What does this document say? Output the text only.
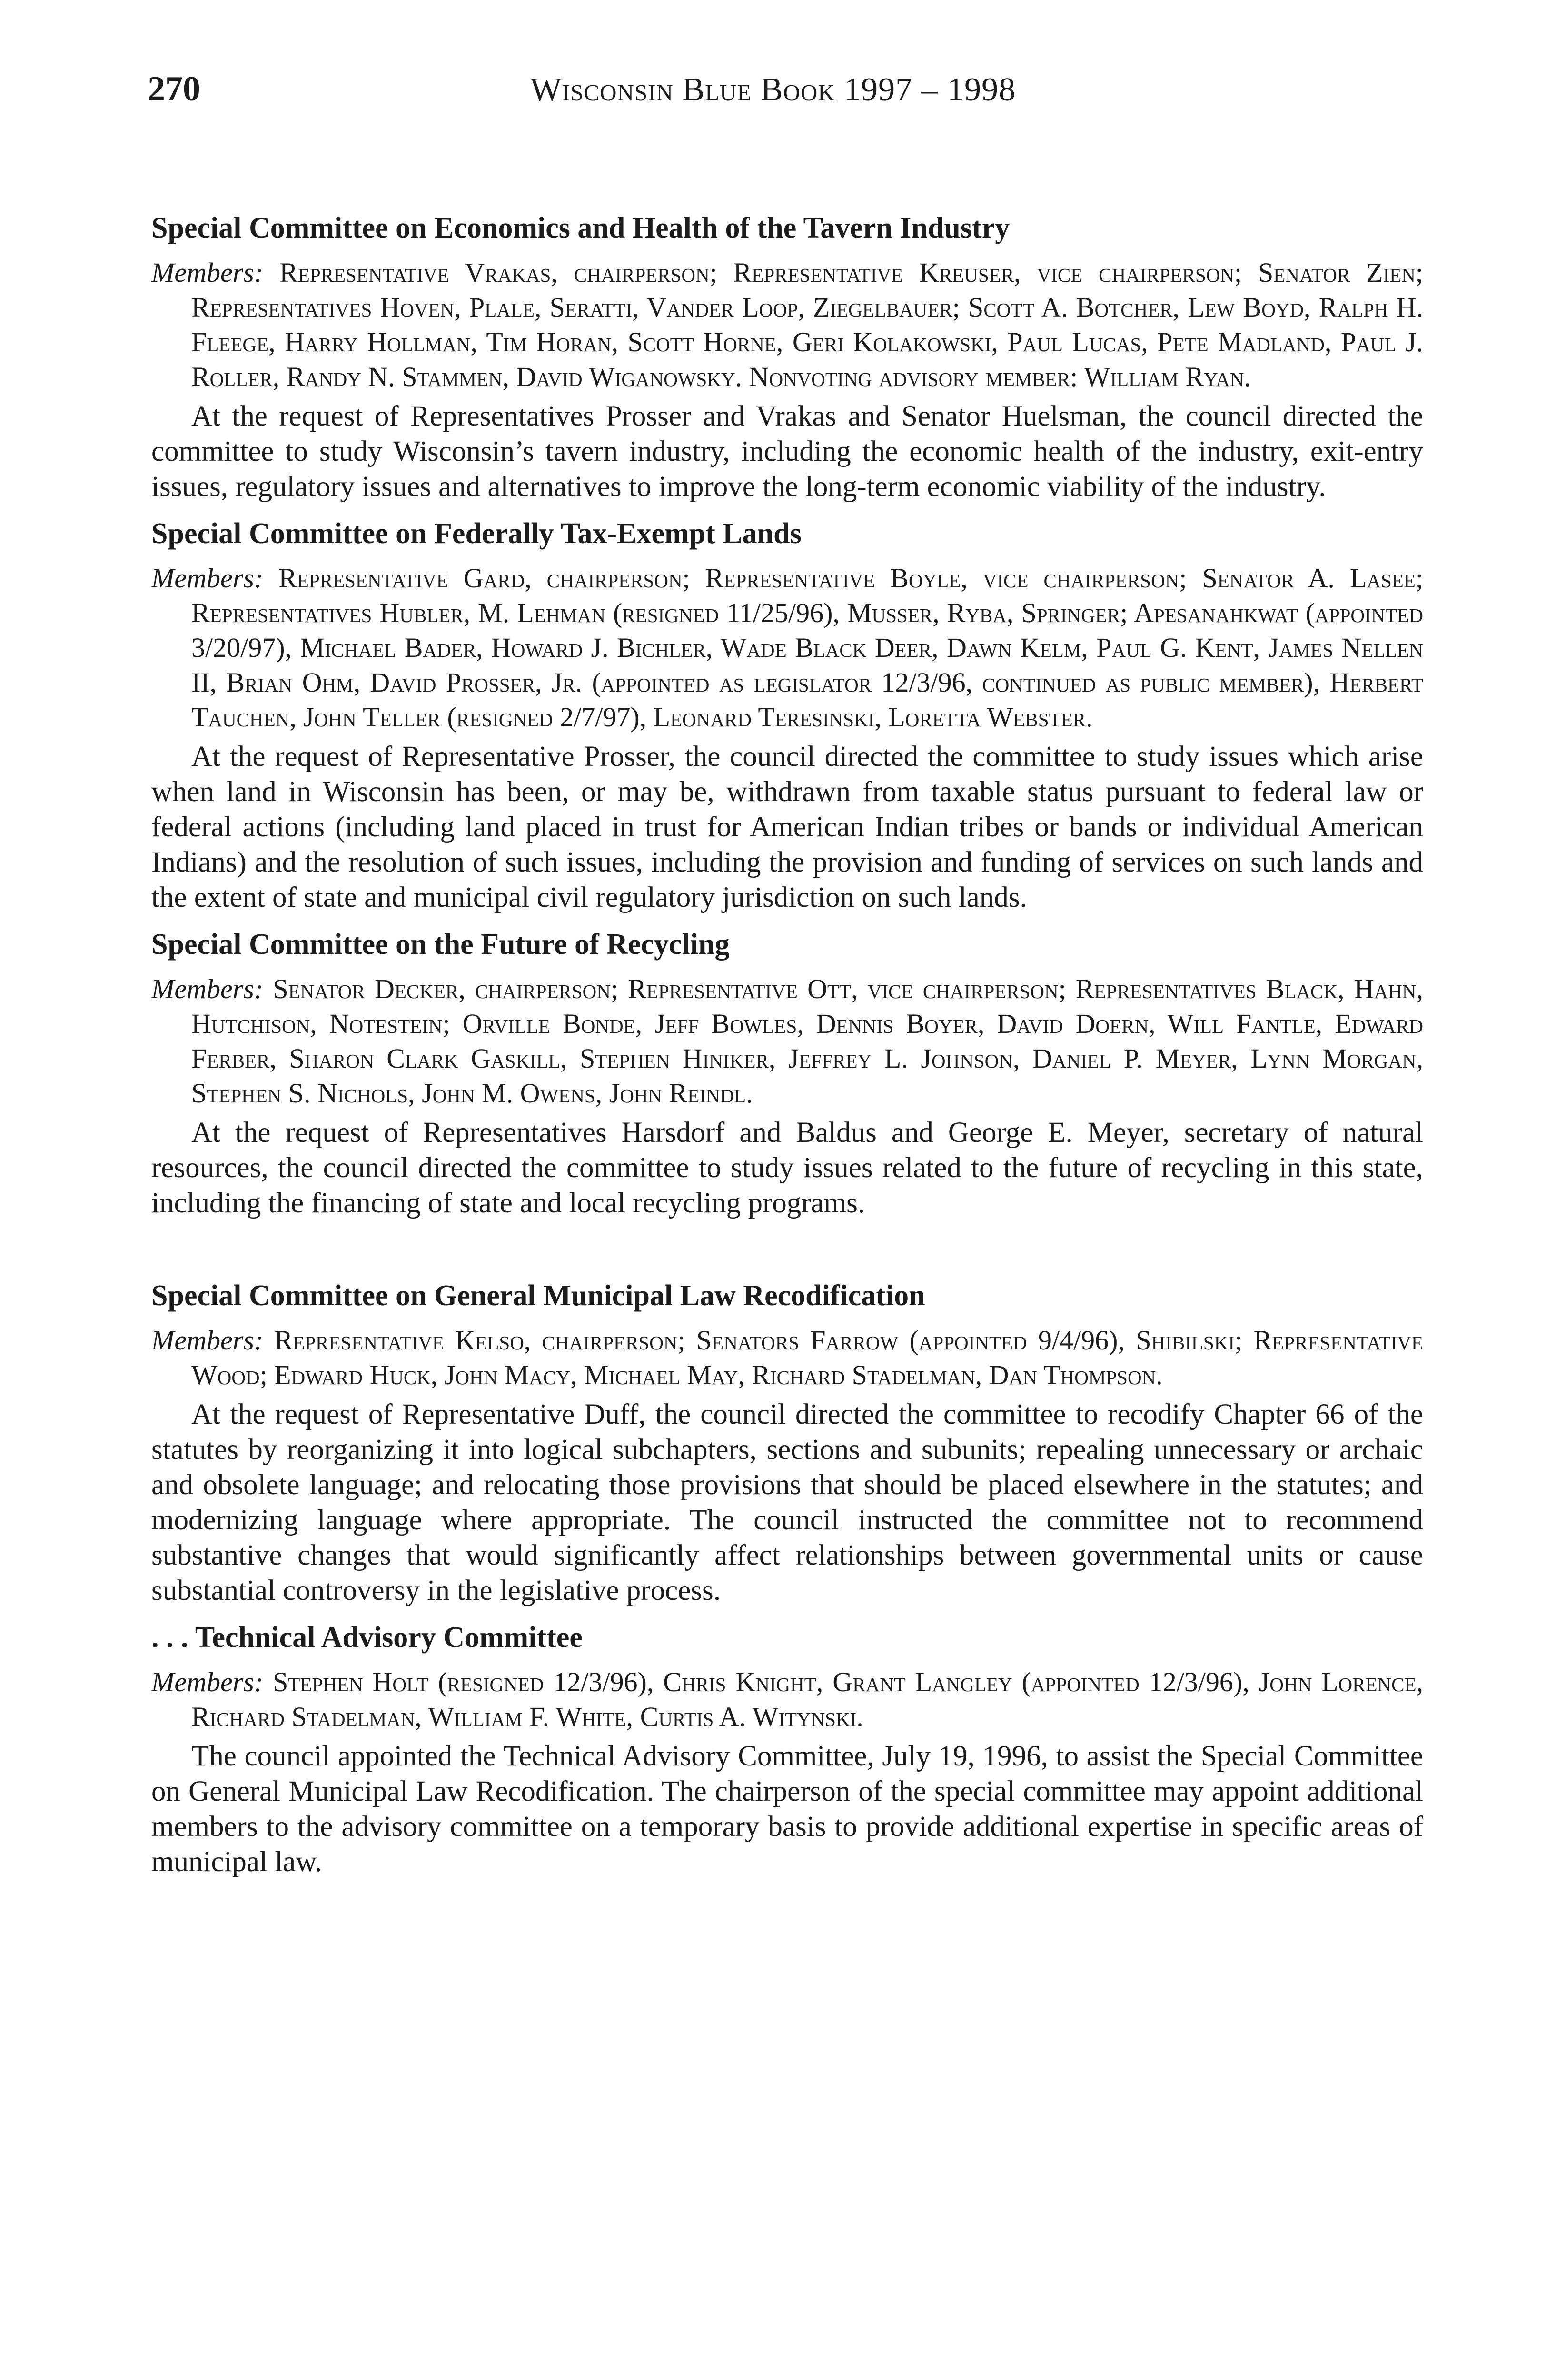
270	Wisconsin Blue Book 1997 – 1998
Special Committee on Economics and Health of the Tavern Industry

Members: Representative Vrakas, chairperson; Representative Kreuser, vice chairperson; Senator Zien; Representatives Hoven, Plale, Seratti, Vander Loop, Ziegelbauer; Scott A. Botcher, Lew Boyd, Ralph H. Fleege, Harry Hollman, Tim Horan, Scott Horne, Geri Kolakowski, Paul Lucas, Pete Madland, Paul J. Roller, Randy N. Stammen, David Wiganowsky. Nonvoting advisory member: William Ryan.

At the request of Representatives Prosser and Vrakas and Senator Huelsman, the council directed the committee to study Wisconsin’s tavern industry, including the economic health of the industry, exit-entry issues, regulatory issues and alternatives to improve the long-term economic viability of the industry.

Special Committee on Federally Tax-Exempt Lands

Members: Representative Gard, chairperson; Representative Boyle, vice chairperson; Senator A. Lasee; Representatives Hubler, M. Lehman (resigned 11/25/96), Musser, Ryba, Springer; Apesanahkwat (appointed 3/20/97), Michael Bader, Howard J. Bichler, Wade Black Deer, Dawn Kelm, Paul G. Kent, James Nellen II, Brian Ohm, David Prosser, Jr. (appointed as legislator 12/3/96, continued as public member), Herbert Tauchen, John Teller (resigned 2/7/97), Leonard Teresinski, Loretta Webster.

At the request of Representative Prosser, the council directed the committee to study issues which arise when land in Wisconsin has been, or may be, withdrawn from taxable status pursuant to federal law or federal actions (including land placed in trust for American Indian tribes or bands or individual American Indians) and the resolution of such issues, including the provision and funding of services on such lands and the extent of state and municipal civil regulatory jurisdiction on such lands.

Special Committee on the Future of Recycling

Members: Senator Decker, chairperson; Representative Ott, vice chairperson; Representatives Black, Hahn, Hutchison, Notestein; Orville Bonde, Jeff Bowles, Dennis Boyer, David Doern, Will Fantle, Edward Ferber, Sharon Clark Gaskill, Stephen Hiniker, Jeffrey L. Johnson, Daniel P. Meyer, Lynn Morgan, Stephen S. Nichols, John M. Owens, John Reindl.

At the request of Representatives Harsdorf and Baldus and George E. Meyer, secretary of natural resources, the council directed the committee to study issues related to the future of recycling in this state, including the financing of state and local recycling programs.

Special Committee on General Municipal Law Recodification

Members: Representative Kelso, chairperson; Senators Farrow (appointed 9/4/96), Shibilski; Representative Wood; Edward Huck, John Macy, Michael May, Richard Stadelman, Dan Thompson.

At the request of Representative Duff, the council directed the committee to recodify Chapter 66 of the statutes by reorganizing it into logical subchapters, sections and subunits; repealing unnecessary or archaic and obsolete language; and relocating those provisions that should be placed elsewhere in the statutes; and modernizing language where appropriate. The council instructed the committee not to recommend substantive changes that would significantly affect relationships between governmental units or cause substantial controversy in the legislative process.

. . . Technical Advisory Committee

Members: Stephen Holt (resigned 12/3/96), Chris Knight, Grant Langley (appointed 12/3/96), John Lorence, Richard Stadelman, William F. White, Curtis A. Witynski.

The council appointed the Technical Advisory Committee, July 19, 1996, to assist the Special Committee on General Municipal Law Recodification. The chairperson of the special committee may appoint additional members to the advisory committee on a temporary basis to provide additional expertise in specific areas of municipal law.
